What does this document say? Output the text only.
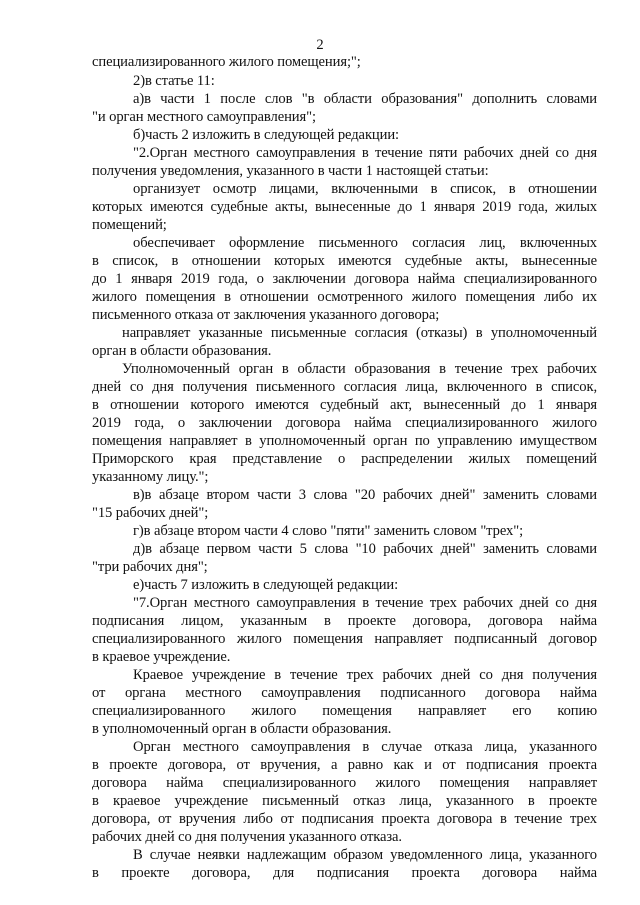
2
специализированного жилого помещения;";
2)в статье 11:
а)в части 1 после слов "в области образования" дополнить словами
"и орган местного самоуправления";
б)часть 2 изложить в следующей редакции:
"2.Орган местного самоуправления в течение пяти рабочих дней со дня
получения уведомления, указанного в части 1 настоящей статьи:
организует осмотр лицами, включенными в список, в отношении
которых имеются судебные акты, вынесенные до 1 января 2019 года, жилых
помещений;
обеспечивает оформление письменного согласия лиц, включенных
в список, в отношении которых имеются судебные акты, вынесенные
до 1 января 2019 года, о заключении договора найма специализированного
жилого помещения в отношении осмотренного жилого помещения либо их
письменного отказа от заключения указанного договора;
направляет указанные письменные согласия (отказы) в уполномоченный
орган в области образования.
Уполномоченный орган в области образования в течение трех рабочих
дней со дня получения письменного согласия лица, включенного в список,
в отношении которого имеются судебный акт, вынесенный до 1 января
2019 года, о заключении договора найма специализированного жилого
помещения направляет в уполномоченный орган по управлению имуществом
Приморского края представление о распределении жилых помещений
указанному лицу.";
в)в абзаце втором части 3 слова "20 рабочих дней" заменить словами
"15 рабочих дней";
г)в абзаце втором части 4 слово "пяти" заменить словом "трех";
д)в абзаце первом части 5 слова "10 рабочих дней" заменить словами
"три рабочих дня";
е)часть 7 изложить в следующей редакции:
"7.Орган местного самоуправления в течение трех рабочих дней со дня
подписания лицом, указанным в проекте договора, договора найма
специализированного жилого помещения направляет подписанный договор
в краевое учреждение.
Краевое учреждение в течение трех рабочих дней со дня получения
от органа местного самоуправления подписанного договора найма
специализированного жилого помещения направляет его копию
в уполномоченный орган в области образования.
Орган местного самоуправления в случае отказа лица, указанного
в проекте договора, от вручения, а равно как и от подписания проекта
договора найма специализированного жилого помещения направляет
в краевое учреждение письменный отказ лица, указанного в проекте
договора, от вручения либо от подписания проекта договора в течение трех
рабочих дней со дня получения указанного отказа.
В случае неявки надлежащим образом уведомленного лица, указанного
в проекте договора, для подписания проекта договора найма
